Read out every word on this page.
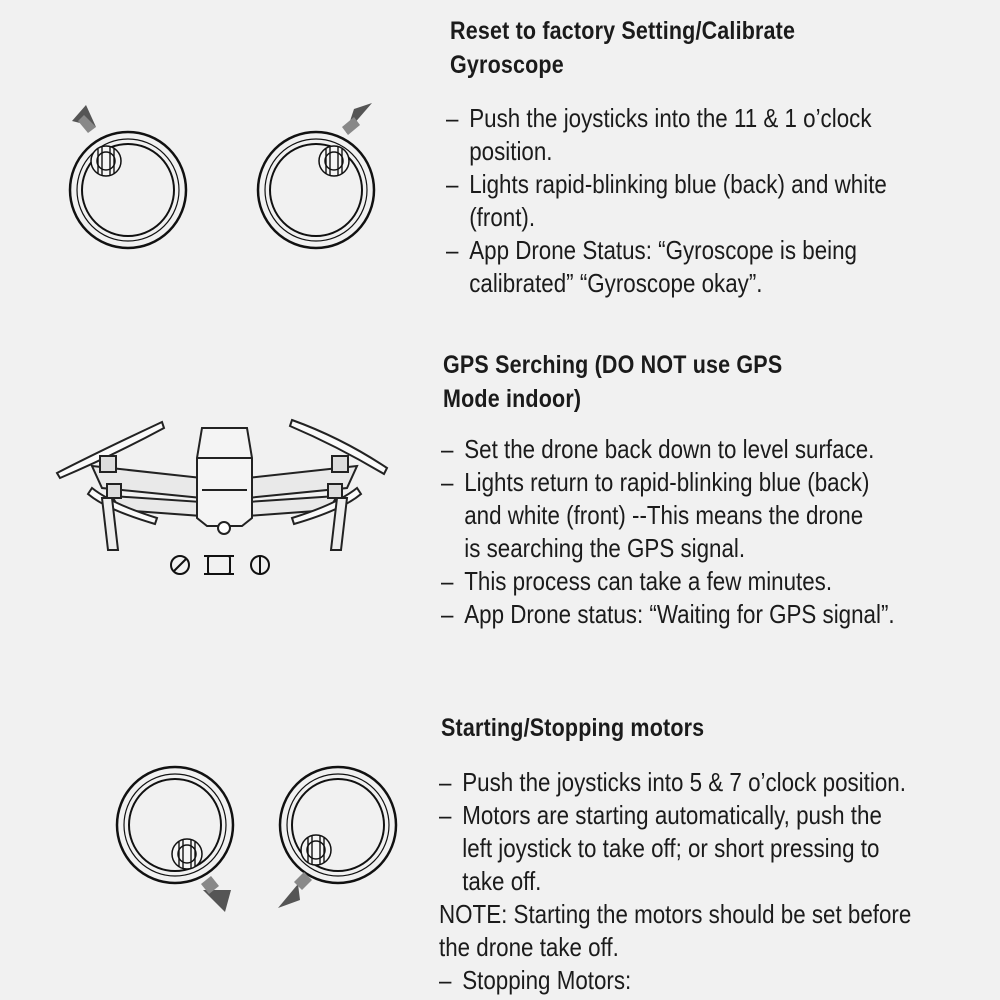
Reset to factory Setting/Calibrate
Gyroscope
– Push the joysticks into the 11 & 1 o’clock
position.
– Lights rapid-blinking blue (back) and white
(front).
– App Drone Status: “Gyroscope is being
calibrated” “Gyroscope okay”.
GPS Serching (DO NOT use GPS
Mode indoor)
– Set the drone back down to level surface.
– Lights return to rapid-blinking blue (back)
and white (front) --This means the drone
is searching the GPS signal.
– This process can take a few minutes.
– App Drone status: “Waiting for GPS signal”.
Starting/Stopping motors
– Push the joysticks into 5 & 7 o’clock position.
– Motors are starting automatically, push the
left joystick to take off; or short pressing to
take off.
NOTE: Starting the motors should be set before
the drone take off.
– Stopping Motors:
